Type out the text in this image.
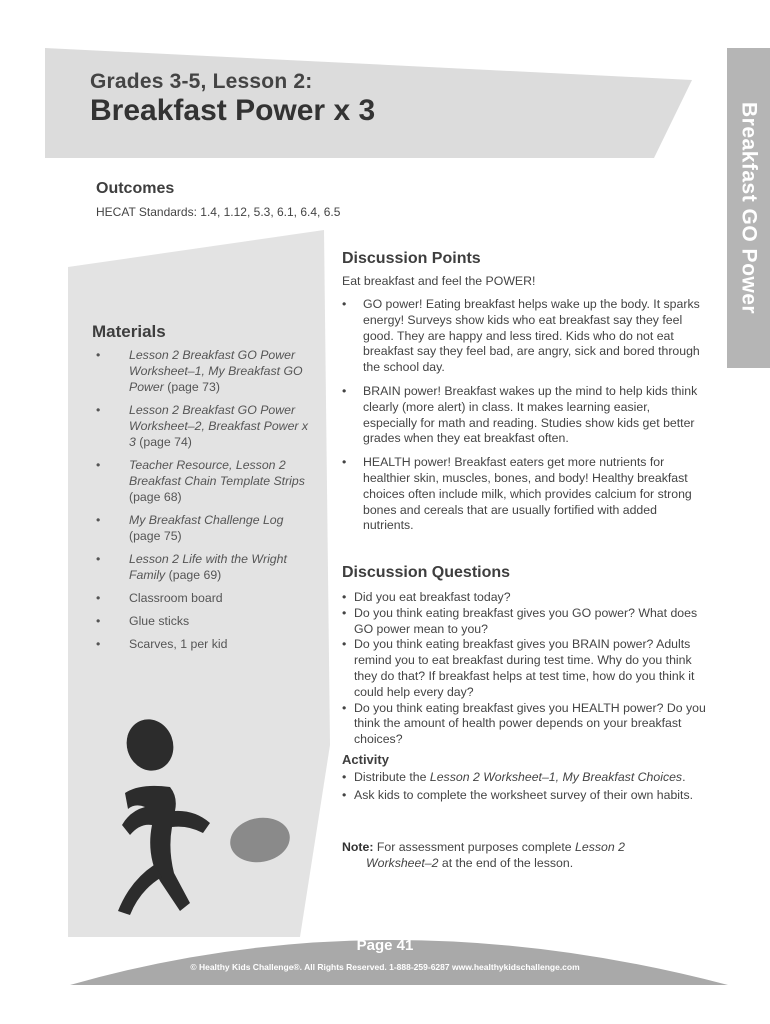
Grades 3-5, Lesson 2:
Breakfast Power x 3	Breakfast GO Power
Outcomes
HECAT Standards: 1.4, 1.12, 5.3, 6.1, 6.4, 6.5
Materials
• Lesson 2 Breakfast GO Power Worksheet–1, My Breakfast GO Power (page 73)
• Lesson 2 Breakfast GO Power Worksheet–2, Breakfast Power x 3 (page 74)
• Teacher Resource, Lesson 2 Breakfast Chain Template Strips (page 68)
• My Breakfast Challenge Log (page 75)
• Lesson 2 Life with the Wright Family (page 69)
• Classroom board
• Glue sticks
• Scarves, 1 per kid
Discussion Points
Eat breakfast and feel the POWER!
• GO power! Eating breakfast helps wake up the body. It sparks energy! Surveys show kids who eat breakfast say they feel good. They are happy and less tired. Kids who do not eat breakfast say they feel bad, are angry, sick and bored through the school day.
• BRAIN power! Breakfast wakes up the mind to help kids think clearly (more alert) in class. It makes learning easier, especially for math and reading. Studies show kids get better grades when they eat breakfast often.
• HEALTH power! Breakfast eaters get more nutrients for healthier skin, muscles, bones, and body! Healthy breakfast choices often include milk, which provides calcium for strong bones and cereals that are usually fortified with added nutrients.
Discussion Questions
• Did you eat breakfast today?
• Do you think eating breakfast gives you GO power? What does GO power mean to you?
• Do you think eating breakfast gives you BRAIN power? Adults remind you to eat breakfast during test time. Why do you think they do that? If breakfast helps at test time, how do you think it could help every day?
• Do you think eating breakfast gives you HEALTH power? Do you think the amount of health power depends on your breakfast choices?
Activity
• Distribute the Lesson 2 Worksheet–1, My Breakfast Choices.
• Ask kids to complete the worksheet survey of their own habits.
Note: For assessment purposes complete Lesson 2
Worksheet–2 at the end of the lesson.
Page 41
© Healthy Kids Challenge®. All Rights Reserved. 1-888-259-6287 www.healthykidschallenge.com
